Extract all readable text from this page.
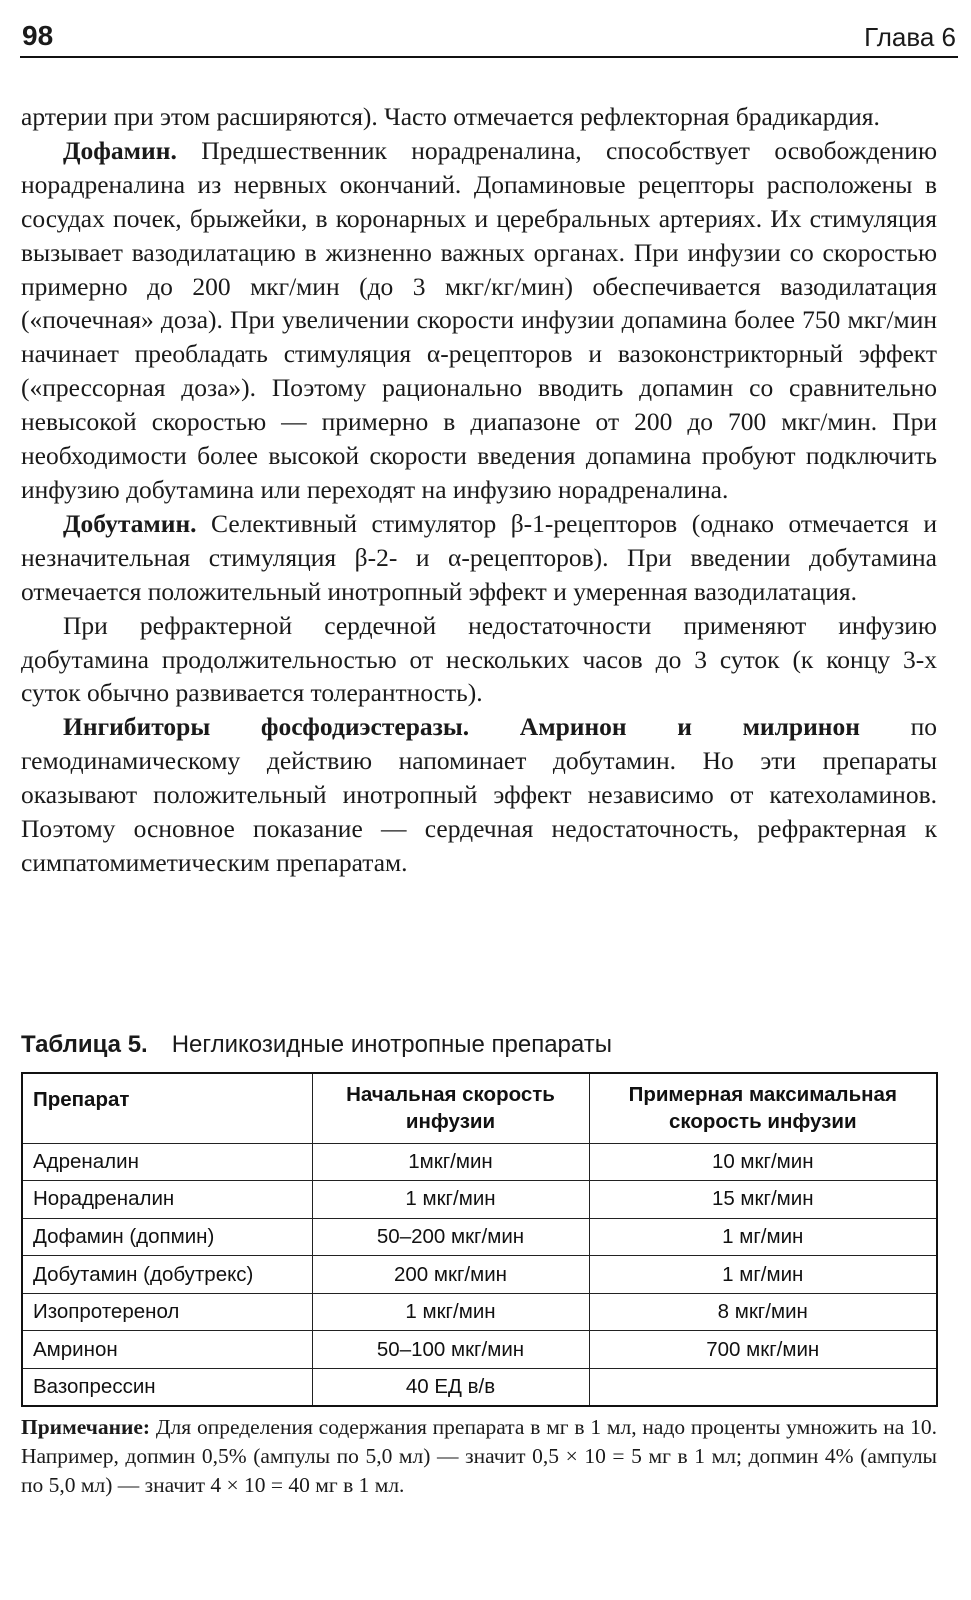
98	Глава 6

артерии при этом расширяются). Часто отмечается рефлекторная брадикардия.

Дофамин. Предшественник норадреналина, способствует освобождению норадреналина из нервных окончаний. Допаминовые рецепторы расположены в сосудах почек, брыжейки, в коронарных и церебральных артериях. Их стимуляция вызывает вазодилатацию в жизненно важных органах. При инфузии со скоростью примерно до 200 мкг/мин (до 3 мкг/кг/мин) обеспечивается вазодилатация («почечная» доза). При увеличении скорости инфузии допамина более 750 мкг/мин начинает преобладать стимуляция α-рецепторов и вазоконстрикторный эффект («прессорная доза»). Поэтому рационально вводить допамин со сравнительно невысокой скоростью — примерно в диапазоне от 200 до 700 мкг/мин. При необходимости более высокой скорости введения допамина пробуют подключить инфузию добутамина или переходят на инфузию норадреналина.

Добутамин. Селективный стимулятор β-1-рецепторов (однако отмечается и незначительная стимуляция β-2- и α-рецепторов). При введении добутамина отмечается положительный инотропный эффект и умеренная вазодилатация.

При рефрактерной сердечной недостаточности применяют инфузию добутамина продолжительностью от нескольких часов до 3 суток (к концу 3-х суток обычно развивается толерантность).

Ингибиторы фосфодиэстеразы. Амринон и милринон по гемодинамическому действию напоминает добутамин. Но эти препараты оказывают положительный инотропный эффект независимо от катехоламинов. Поэтому основное показание — сердечная недостаточность, рефрактерная к симпатомиметическим препаратам.

Таблица 5. Негликозидные инотропные препараты
Препарат	Начальная скорость инфузии	Примерная максимальная скорость инфузии
Адреналин	1мкг/мин	10 мкг/мин
Норадреналин	1 мкг/мин	15 мкг/мин
Дофамин (допмин)	50–200 мкг/мин	1 мг/мин
Добутамин (добутрекс)	200 мкг/мин	1 мг/мин
Изопротеренол	1 мкг/мин	8 мкг/мин
Амринон	50–100 мкг/мин	700 мкг/мин
Вазопрессин	40 ЕД в/в	
Примечание: Для определения содержания препарата в мг в 1 мл, надо проценты умножить на 10. Например, допмин 0,5% (ампулы по 5,0 мл) — значит 0,5 × 10 = 5 мг в 1 мл; допмин 4% (ампулы по 5,0 мл) — значит 4 × 10 = 40 мг в 1 мл.
